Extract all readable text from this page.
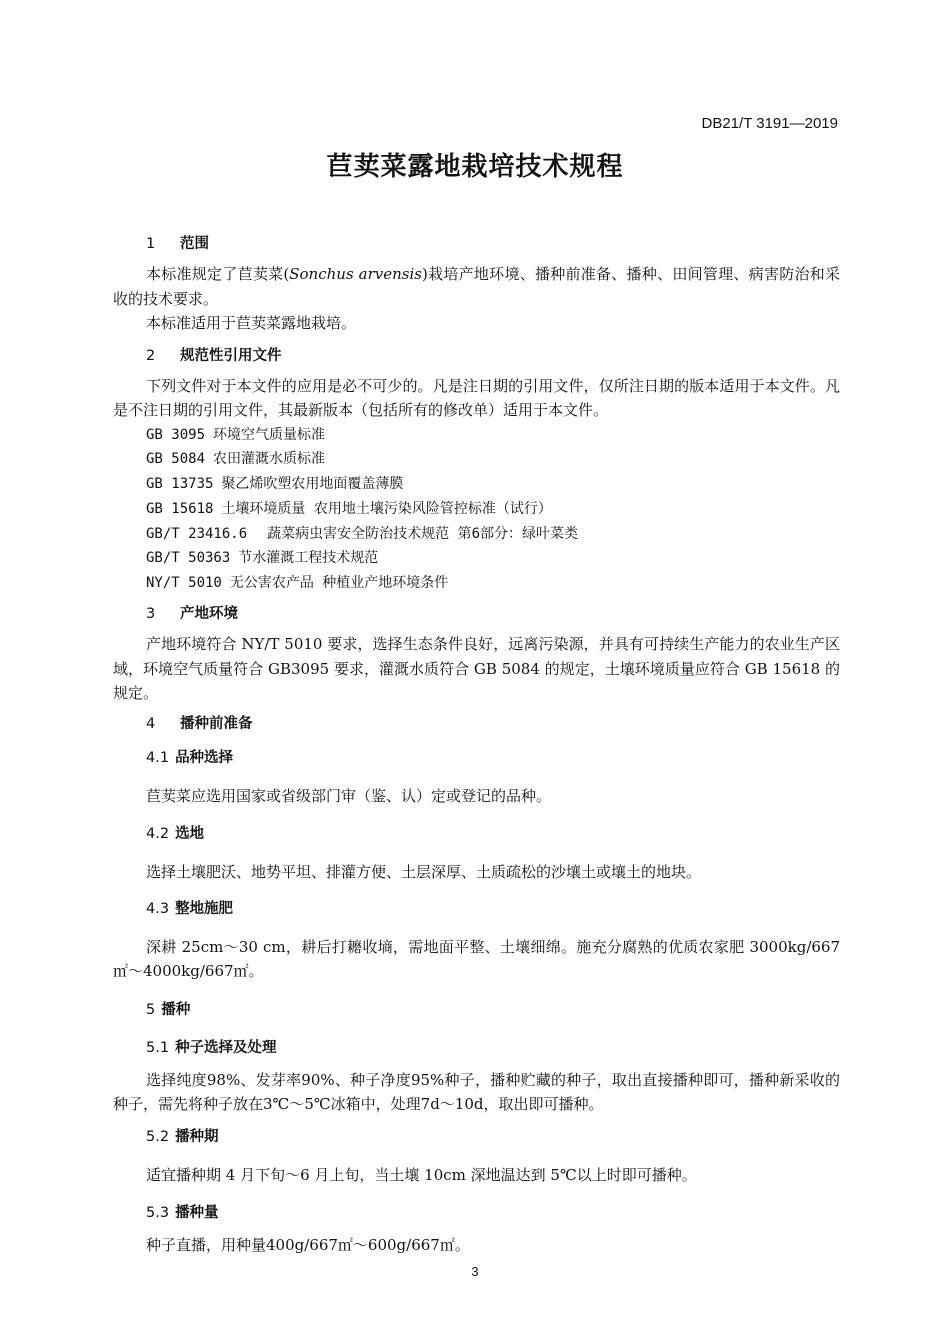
DB21/T 3191—2019
苣荬菜露地栽培技术规程
1 范围

本标准规定了苣荬菜(Sonchus arvensis)栽培产地环境、播种前准备、播种、田间管理、病害防治和采收的技术要求。

本标准适用于苣荬菜露地栽培。

2 规范性引用文件

下列文件对于本文件的应用是必不可少的。凡是注日期的引用文件，仅所注日期的版本适用于本文件。凡是不注日期的引用文件，其最新版本（包括所有的修改单）适用于本文件。

GB 3095 环境空气质量标准
GB 5084 农田灌溉水质标准
GB 13735 聚乙烯吹塑农用地面覆盖薄膜
GB 15618 土壤环境质量 农用地土壤污染风险管控标准（试行）
GB/T 23416.6 蔬菜病虫害安全防治技术规范 第6部分：绿叶菜类
GB/T 50363 节水灌溉工程技术规范
NY/T 5010 无公害农产品 种植业产地环境条件
3 产地环境

产地环境符合 NY/T 5010 要求，选择生态条件良好，远离污染源，并具有可持续生产能力的农业生产区域，环境空气质量符合 GB3095 要求，灌溉水质符合 GB 5084 的规定，土壤环境质量应符合 GB 15618 的规定。

4 播种前准备
4.1 品种选择

苣荬菜应选用国家或省级部门审（鉴、认）定或登记的品种。

4.2 选地

选择土壤肥沃、地势平坦、排灌方便、土层深厚、土质疏松的沙壤土或壤土的地块。

4.3 整地施肥

深耕 25cm～30 cm，耕后打耱收墒，需地面平整、土壤细绵。施充分腐熟的优质农家肥 3000kg/667㎡～4000kg/667㎡。

5 播种
5.1 种子选择及处理

选择纯度98%、发芽率90%、种子净度95%种子，播种贮藏的种子，取出直接播种即可，播种新采收的种子，需先将种子放在3℃～5℃冰箱中，处理7d～10d，取出即可播种。

5.2 播种期

适宜播种期 4 月下旬～6 月上旬，当土壤 10cm 深地温达到 5℃以上时即可播种。

5.3 播种量

种子直播，用种量400g/667㎡～600g/667㎡。

3
